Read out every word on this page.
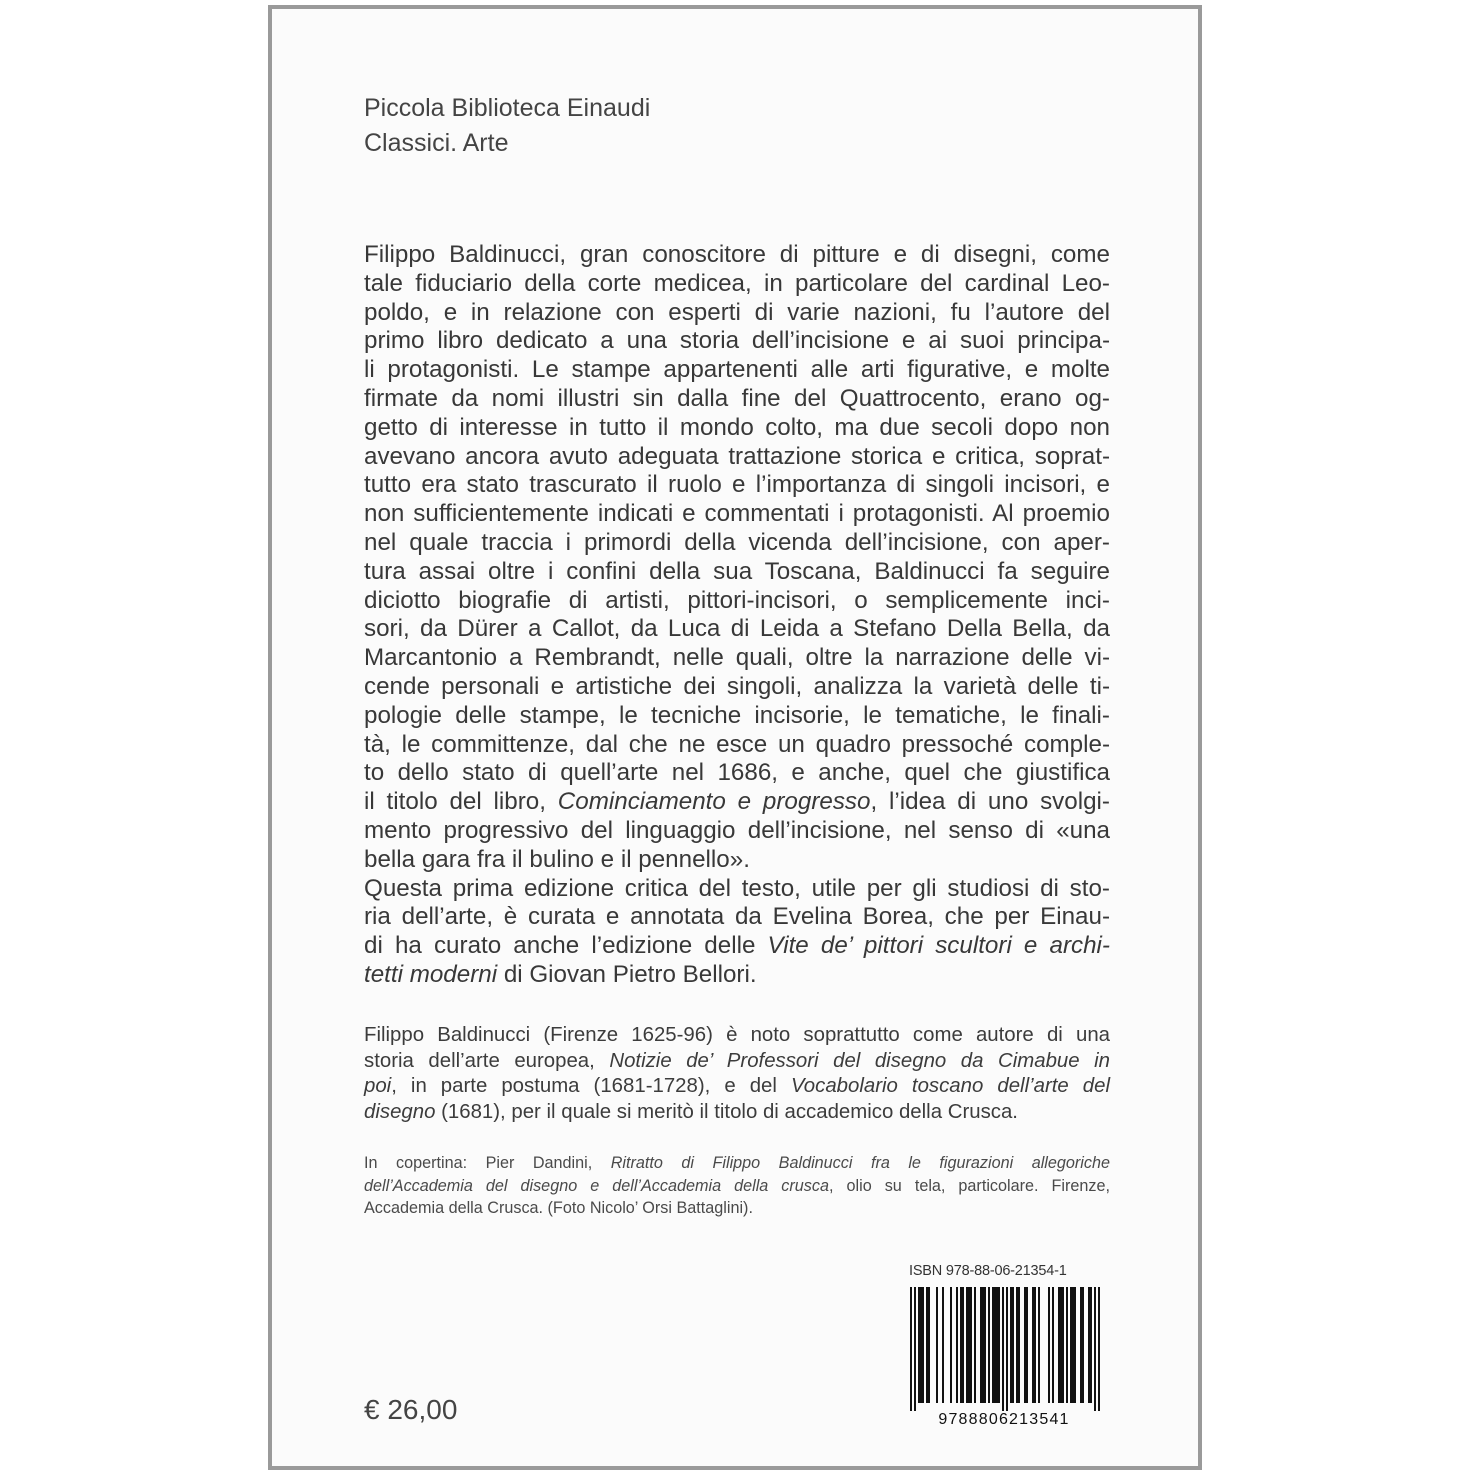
Piccola Biblioteca Einaudi
Classici. Arte
Filippo Baldinucci, gran conoscitore di pitture e di disegni, come
tale fiduciario della corte medicea, in particolare del cardinal Leo-
poldo, e in relazione con esperti di varie nazioni, fu l’autore del
primo libro dedicato a una storia dell’incisione e ai suoi principa-
li protagonisti. Le stampe appartenenti alle arti figurative, e molte
firmate da nomi illustri sin dalla fine del Quattrocento, erano og-
getto di interesse in tutto il mondo colto, ma due secoli dopo non
avevano ancora avuto adeguata trattazione storica e critica, soprat-
tutto era stato trascurato il ruolo e l’importanza di singoli incisori, e
non sufficientemente indicati e commentati i protagonisti. Al proemio
nel quale traccia i primordi della vicenda dell’incisione, con aper-
tura assai oltre i confini della sua Toscana, Baldinucci fa seguire
diciotto biografie di artisti, pittori-incisori, o semplicemente inci-
sori, da Dürer a Callot, da Luca di Leida a Stefano Della Bella, da
Marcantonio a Rembrandt, nelle quali, oltre la narrazione delle vi-
cende personali e artistiche dei singoli, analizza la varietà delle ti-
pologie delle stampe, le tecniche incisorie, le tematiche, le finali-
tà, le committenze, dal che ne esce un quadro pressoché comple-
to dello stato di quell’arte nel 1686, e anche, quel che giustifica
il titolo del libro, Cominciamento e progresso, l’idea di uno svolgi-
mento progressivo del linguaggio dell’incisione, nel senso di «una
bella gara fra il bulino e il pennello».
Questa prima edizione critica del testo, utile per gli studiosi di sto-
ria dell’arte, è curata e annotata da Evelina Borea, che per Einau-
di ha curato anche l’edizione delle Vite de’ pittori scultori e archi-
tetti moderni di Giovan Pietro Bellori.
Filippo Baldinucci (Firenze 1625-96) è noto soprattutto come autore di una
storia dell’arte europea, Notizie de’ Professori del disegno da Cimabue in
poi, in parte postuma (1681-1728), e del Vocabolario toscano dell’arte del
disegno (1681), per il quale si meritò il titolo di accademico della Crusca.
In copertina: Pier Dandini, Ritratto di Filippo Baldinucci fra le figurazioni allegoriche
dell’Accademia del disegno e dell’Accademia della crusca, olio su tela, particolare. Firenze,
Accademia della Crusca. (Foto Nicolo’ Orsi Battaglini).
ISBN 978-88-06-21354-1
9788806213541
€ 26,00
